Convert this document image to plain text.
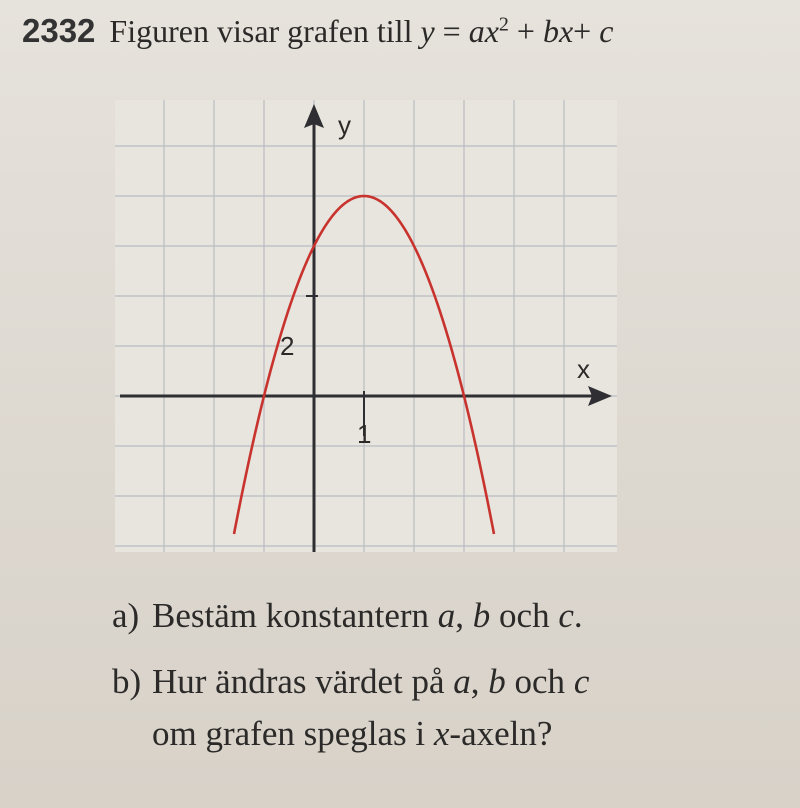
2332 Figuren visar grafen till $y = ax^2 + bx+ c$
x
y
1
2
a) Bestäm konstantern a, b och c.
b) Hur ändras värdet på a, b och c
om grafen speglas i x-axeln?
